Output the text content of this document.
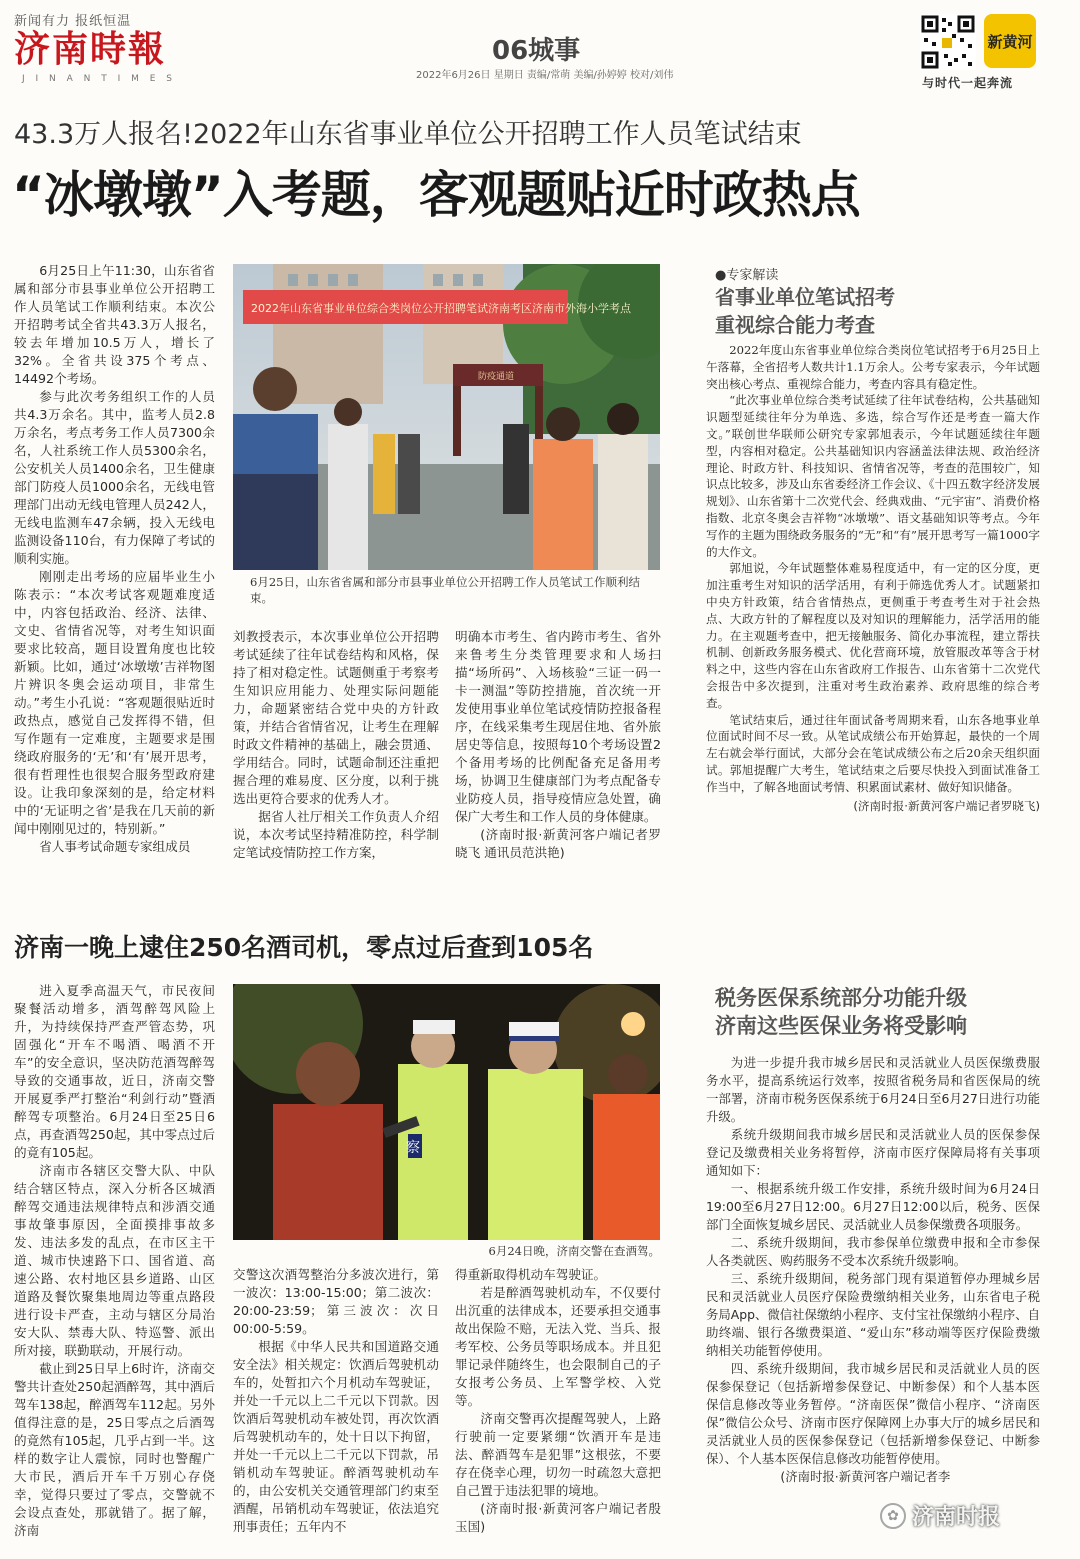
新闻有力 报纸恒温
济南時報
J I N A N T I M E S
06城事
2022年6月26日 星期日 责编/常萌 美编/孙婷婷 校对/刘伟
新黄河
与时代一起奔流
43.3万人报名!2022年山东省事业单位公开招聘工作人员笔试结束
“冰墩墩”入考题，客观题贴近时政热点

6月25日上午11:30，山东省省属和部分市县事业单位公开招聘工作人员笔试工作顺利结束。本次公开招聘考试全省共43.3万人报名，较去年增加10.5万人，增长了32%。全省共设375个考点、14492个考场。

参与此次考务组织工作的人员共4.3万余名。其中，监考人员2.8万余名，考点考务工作人员7300余名，人社系统工作人员5300余名，公安机关人员1400余名，卫生健康部门防疫人员1000余名，无线电管理部门出动无线电管理人员242人，无线电监测车47余辆，投入无线电监测设备110台，有力保障了考试的顺利实施。

刚刚走出考场的应届毕业生小陈表示：“本次考试客观题难度适中，内容包括政治、经济、法律、文史、省情省况等，对考生知识面要求比较高，题目设置角度也比较新颖。比如，通过‘冰墩墩’吉祥物图片辨识冬奥会运动项目，非常生动。”考生小孔说：“客观题很贴近时政热点，感觉自己发挥得不错，但写作题有一定难度，主题要求是围绕政府服务的‘无’和‘有’展开思考，很有哲理性也很契合服务型政府建设。让我印象深刻的是，给定材料中的‘无证明之省’是我在几天前的新闻中刚刚见过的，特别新。”

省人事考试命题专家组成员

2022年山东省事业单位综合类岗位公开招聘笔试济南考区济南市外海小学考点
防疫通道
6月25日，山东省省属和部分市县事业单位公开招聘工作人员笔试工作顺利结束。

刘教授表示，本次事业单位公开招聘考试延续了往年试卷结构和风格，保持了相对稳定性。试题侧重于考察考生知识应用能力、处理实际问题能力，命题紧密结合党中央的方针政策，并结合省情省况，让考生在理解时政文件精神的基础上，融会贯通、学用结合。同时，试题命制还注重把握合理的难易度、区分度，以利于挑选出更符合要求的优秀人才。

据省人社厅相关工作负责人介绍说，本次考试坚持精准防控，科学制定笔试疫情防控工作方案，

明确本市考生、省内跨市考生、省外来鲁考生分类管理要求和人场扫描“场所码”、入场核验“三证一码一卡一测温”等防控措施，首次统一开发使用事业单位笔试疫情防控报备程序，在线采集考生现居住地、省外旅居史等信息，按照每10个考场设置2个备用考场的比例配备充足备用考场，协调卫生健康部门为考点配备专业防疫人员，指导疫情应急处置，确保广大考生和工作人员的身体健康。

(济南时报·新黄河客户端记者罗晓飞 通讯员范洪艳)
●专家解读
省事业单位笔试招考
重视综合能力考查

2022年度山东省事业单位综合类岗位笔试招考于6月25日上午落幕，全省招考人数共计1.1万余人。公考专家表示，今年试题突出核心考点、重视综合能力，考查内容具有稳定性。

“此次事业单位综合类考试延续了往年试卷结构，公共基础知识题型延续往年分为单选、多选，综合写作还是考查一篇大作文。”联创世华联师公研究专家郭旭表示，今年试题延续往年题型，内容相对稳定。公共基础知识内容涵盖法律法规、政治经济理论、时政方针、科技知识、省情省况等，考查的范围较广，知识点比较多，涉及山东省委经济工作会议、《十四五数字经济发展规划》、山东省第十二次党代会、经典戏曲、“元宇宙”、消费价格指数、北京冬奥会吉祥物“冰墩墩”、语文基础知识等考点。今年写作的主题为围绕政务服务的“无”和“有”展开思考写一篇1000字的大作文。

郭旭说，今年试题整体难易程度适中，有一定的区分度，更加注重考生对知识的活学活用，有利于筛选优秀人才。试题紧扣中央方针政策，结合省情热点，更侧重于考查考生对于社会热点、大政方针的了解程度以及对知识的理解能力，活学活用的能力。在主观题考查中，把无接触服务、简化办事流程，建立帮扶机制、创新政务服务模式、优化营商环境，放管服改革等含于材料之中，这些内容在山东省政府工作报告、山东省第十二次党代会报告中多次提到，注重对考生政治素养、政府思维的综合考查。

笔试结束后，通过往年面试备考周期来看，山东各地事业单位面试时间不尽一致。从笔试成绩公布开始算起，最快的一个周左右就会举行面试，大部分会在笔试成绩公布之后20余天组织面试。郭旭提醒广大考生，笔试结束之后要尽快投入到面试准备工作当中，了解各地面试考情、积累面试素材、做好知识储备。

(济南时报·新黄河客户端记者罗晓飞)
济南一晚上逮住250名酒司机，零点过后查到105名

进入夏季高温天气，市民夜间聚餐活动增多，酒驾醉驾风险上升，为持续保持严查严管态势，巩固强化“开车不喝酒、喝酒不开车”的安全意识，坚决防范酒驾醉驾导致的交通事故，近日，济南交警开展夏季严打整治“利剑行动”暨酒醉驾专项整治。6月24日至25日6点，再查酒驾250起，其中零点过后的竟有105起。

济南市各辖区交警大队、中队结合辖区特点，深入分析各区城酒醉驾交通违法规律特点和涉酒交通事故肇事原因，全面摸排事故多发、违法多发的乱点，在市区主干道、城市快速路下口、国省道、高速公路、农村地区县乡道路、山区道路及餐饮聚集地周边等重点路段进行设卡严查，主动与辖区分局治安大队、禁毒大队、特巡警、派出所对接，联勤联动，开展行动。

截止到25日早上6时许，济南交警共计查处250起酒醉驾，其中酒后驾车138起，醉酒驾车112起。另外值得注意的是，25日零点之后酒驾的竟然有105起，几乎占到一半。这样的数字让人震惊，同时也警醒广大市民，酒后开车千万别心存侥幸，觉得只要过了零点，交警就不会设点查处，那就错了。据了解，济南

察
6月24日晚，济南交警在查酒驾。

交警这次酒驾整治分多波次进行，第一波次：13:00-15:00；第二波次：20:00-23:59；第三波次：次日00:00-5:59。

根据《中华人民共和国道路交通安全法》相关规定：饮酒后驾驶机动车的，处暂扣六个月机动车驾驶证，并处一千元以上二千元以下罚款。因饮酒后驾驶机动车被处罚，再次饮酒后驾驶机动车的，处十日以下拘留，并处一千元以上二千元以下罚款，吊销机动车驾驶证。醉酒驾驶机动车的，由公安机关交通管理部门约束至酒醒，吊销机动车驾驶证，依法追究刑事责任；五年内不

得重新取得机动车驾驶证。

若是醉酒驾驶机动车，不仅要付出沉重的法律成本，还要承担交通事故出保险不赔，无法入党、当兵、报考军校、公务员等职场成本。并且犯罪记录伴随终生，也会限制自己的子女报考公务员、上军警学校、入党等。

济南交警再次提醒驾驶人，上路行驶前一定要紧绷“饮酒开车是违法、醉酒驾车是犯罪”这根弦，不要存在侥幸心理，切勿一时疏忽大意把自己置于违法犯罪的境地。

(济南时报·新黄河客户端记者殷玉国)
税务医保系统部分功能升级
济南这些医保业务将受影响

为进一步提升我市城乡居民和灵活就业人员医保缴费服务水平，提高系统运行效率，按照省税务局和省医保局的统一部署，济南市税务医保系统于6月24日至6月27日进行功能升级。

系统升级期间我市城乡居民和灵活就业人员的医保参保登记及缴费相关业务将暂停，济南市医疗保障局将有关事项通知如下：

一、根据系统升级工作安排，系统升级时间为6月24日19:00至6月27日12:00。6月27日12:00以后，税务、医保部门全面恢复城乡居民、灵活就业人员参保缴费各项服务。

二、系统升级期间，我市参保单位缴费申报和全市参保人各类就医、购药服务不受本次系统升级影响。

三、系统升级期间，税务部门现有渠道暂停办理城乡居民和灵活就业人员医疗保险费缴纳相关业务，山东省电子税务局App、微信社保缴纳小程序、支付宝社保缴纳小程序、自助终端、银行各缴费渠道、“爱山东”移动端等医疗保险费缴纳相关功能暂停使用。

四、系统升级期间，我市城乡居民和灵活就业人员的医保参保登记（包括新增参保登记、中断参保）和个人基本医保信息修改等业务暂停。“济南医保”微信小程序、“济南医保”微信公众号、济南市医疗保障网上办事大厅的城乡居民和灵活就业人员的医保参保登记（包括新增参保登记、中断参保）、个人基本医保信息修改功能暂停使用。

(济南时报·新黄河客户端记者李
✿ 济南时报
